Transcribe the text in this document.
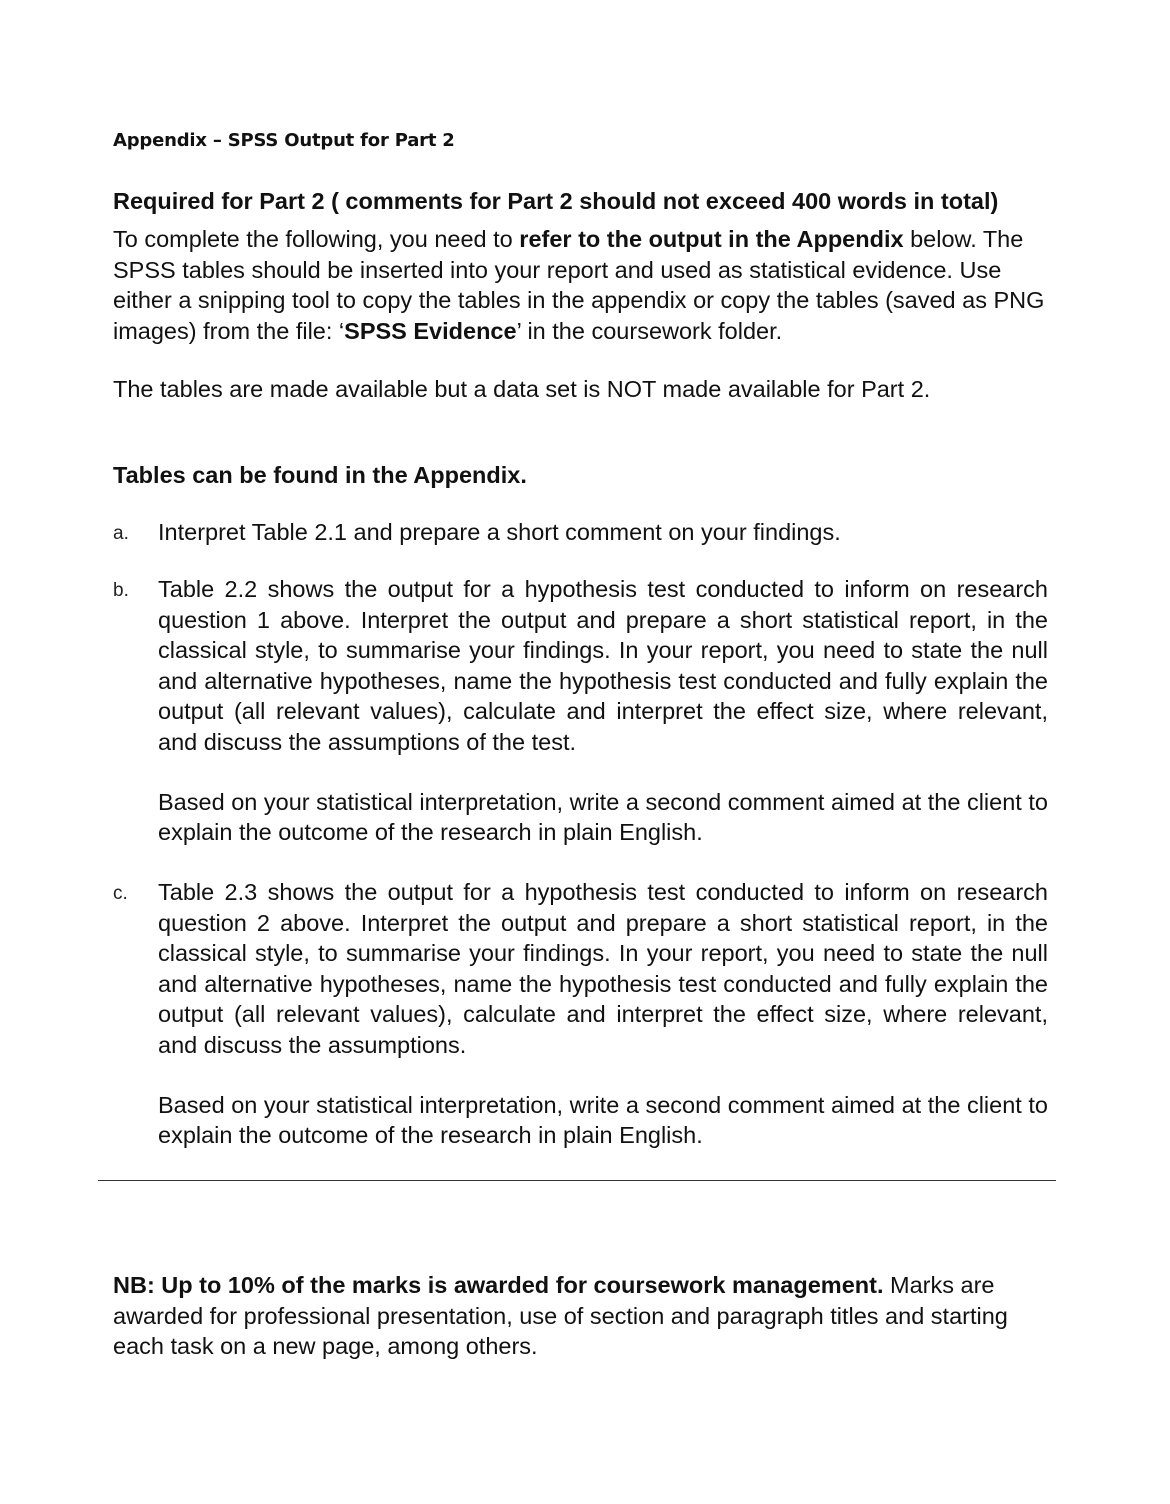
Appendix – SPSS Output for Part 2
Required for Part 2 ( comments for Part 2 should not exceed 400 words in total)

To complete the following, you need to refer to the output in the Appendix below. The SPSS tables should be inserted into your report and used as statistical evidence. Use either a snipping tool to copy the tables in the appendix or copy the tables (saved as PNG images) from the file: ‘SPSS Evidence’ in the coursework folder.

The tables are made available but a data set is NOT made available for Part 2.

Tables can be found in the Appendix.
a. Interpret Table 2.1 and prepare a short comment on your findings.

b. Table 2.2 shows the output for a hypothesis test conducted to inform on research question 1 above. Interpret the output and prepare a short statistical report, in the classical style, to summarise your findings. In your report, you need to state the null and alternative hypotheses, name the hypothesis test conducted and fully explain the output (all relevant values), calculate and interpret the effect size, where relevant, and discuss the assumptions of the test.

Based on your statistical interpretation, write a second comment aimed at the client to explain the outcome of the research in plain English.

c. Table 2.3 shows the output for a hypothesis test conducted to inform on research question 2 above. Interpret the output and prepare a short statistical report, in the classical style, to summarise your findings. In your report, you need to state the null and alternative hypotheses, name the hypothesis test conducted and fully explain the output (all relevant values), calculate and interpret the effect size, where relevant, and discuss the assumptions.

Based on your statistical interpretation, write a second comment aimed at the client to explain the outcome of the research in plain English.

NB: Up to 10% of the marks is awarded for coursework management. Marks are awarded for professional presentation, use of section and paragraph titles and starting each task on a new page, among others.
